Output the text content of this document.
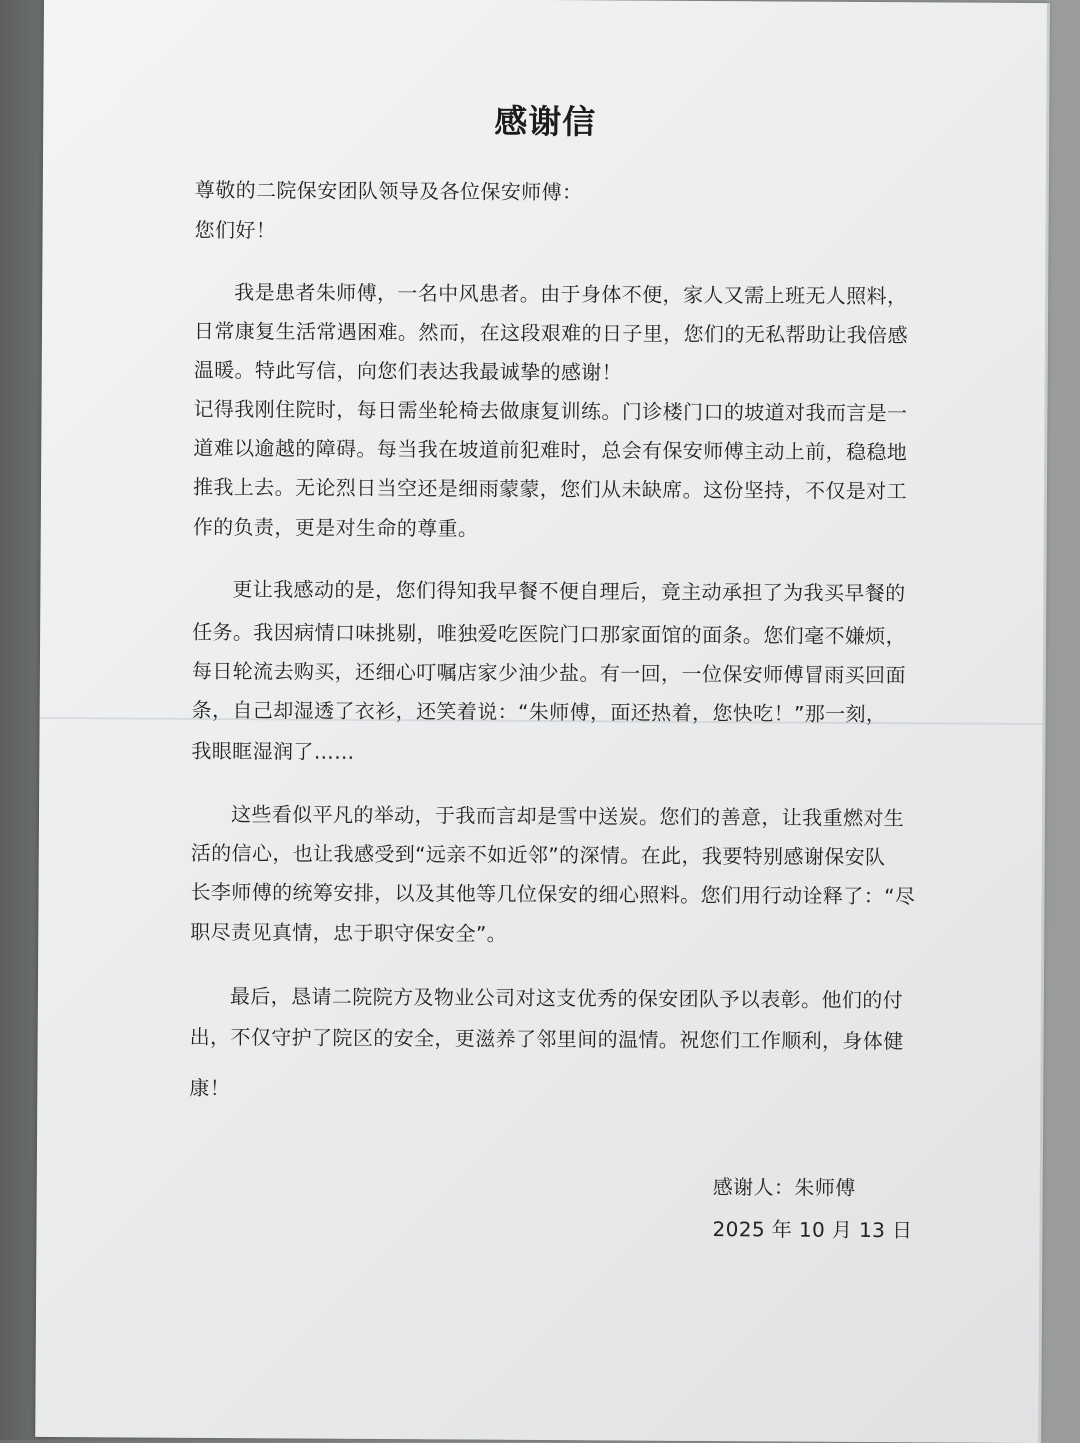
感谢信

尊敬的二院保安团队领导及各位保安师傅：

您们好！

我是患者朱师傅，一名中风患者。由于身体不便，家人又需上班无人照料，

日常康复生活常遇困难。然而，在这段艰难的日子里，您们的无私帮助让我倍感

温暖。特此写信，向您们表达我最诚挚的感谢！

记得我刚住院时，每日需坐轮椅去做康复训练。门诊楼门口的坡道对我而言是一

道难以逾越的障碍。每当我在坡道前犯难时，总会有保安师傅主动上前，稳稳地

推我上去。无论烈日当空还是细雨蒙蒙，您们从未缺席。这份坚持，不仅是对工

作的负责，更是对生命的尊重。

更让我感动的是，您们得知我早餐不便自理后，竟主动承担了为我买早餐的

任务。我因病情口味挑剔，唯独爱吃医院门口那家面馆的面条。您们毫不嫌烦，

每日轮流去购买，还细心叮嘱店家少油少盐。有一回，一位保安师傅冒雨买回面

条，自己却湿透了衣衫，还笑着说：“朱师傅，面还热着，您快吃！”那一刻，

我眼眶湿润了……

这些看似平凡的举动，于我而言却是雪中送炭。您们的善意，让我重燃对生

活的信心，也让我感受到“远亲不如近邻”的深情。在此，我要特别感谢保安队

长李师傅的统筹安排，以及其他等几位保安的细心照料。您们用行动诠释了：“尽

职尽责见真情，忠于职守保安全”。

最后，恳请二院院方及物业公司对这支优秀的保安团队予以表彰。他们的付

出，不仅守护了院区的安全，更滋养了邻里间的温情。祝您们工作顺利，身体健

康！

感谢人：朱师傅

2025 年 10 月 13 日
